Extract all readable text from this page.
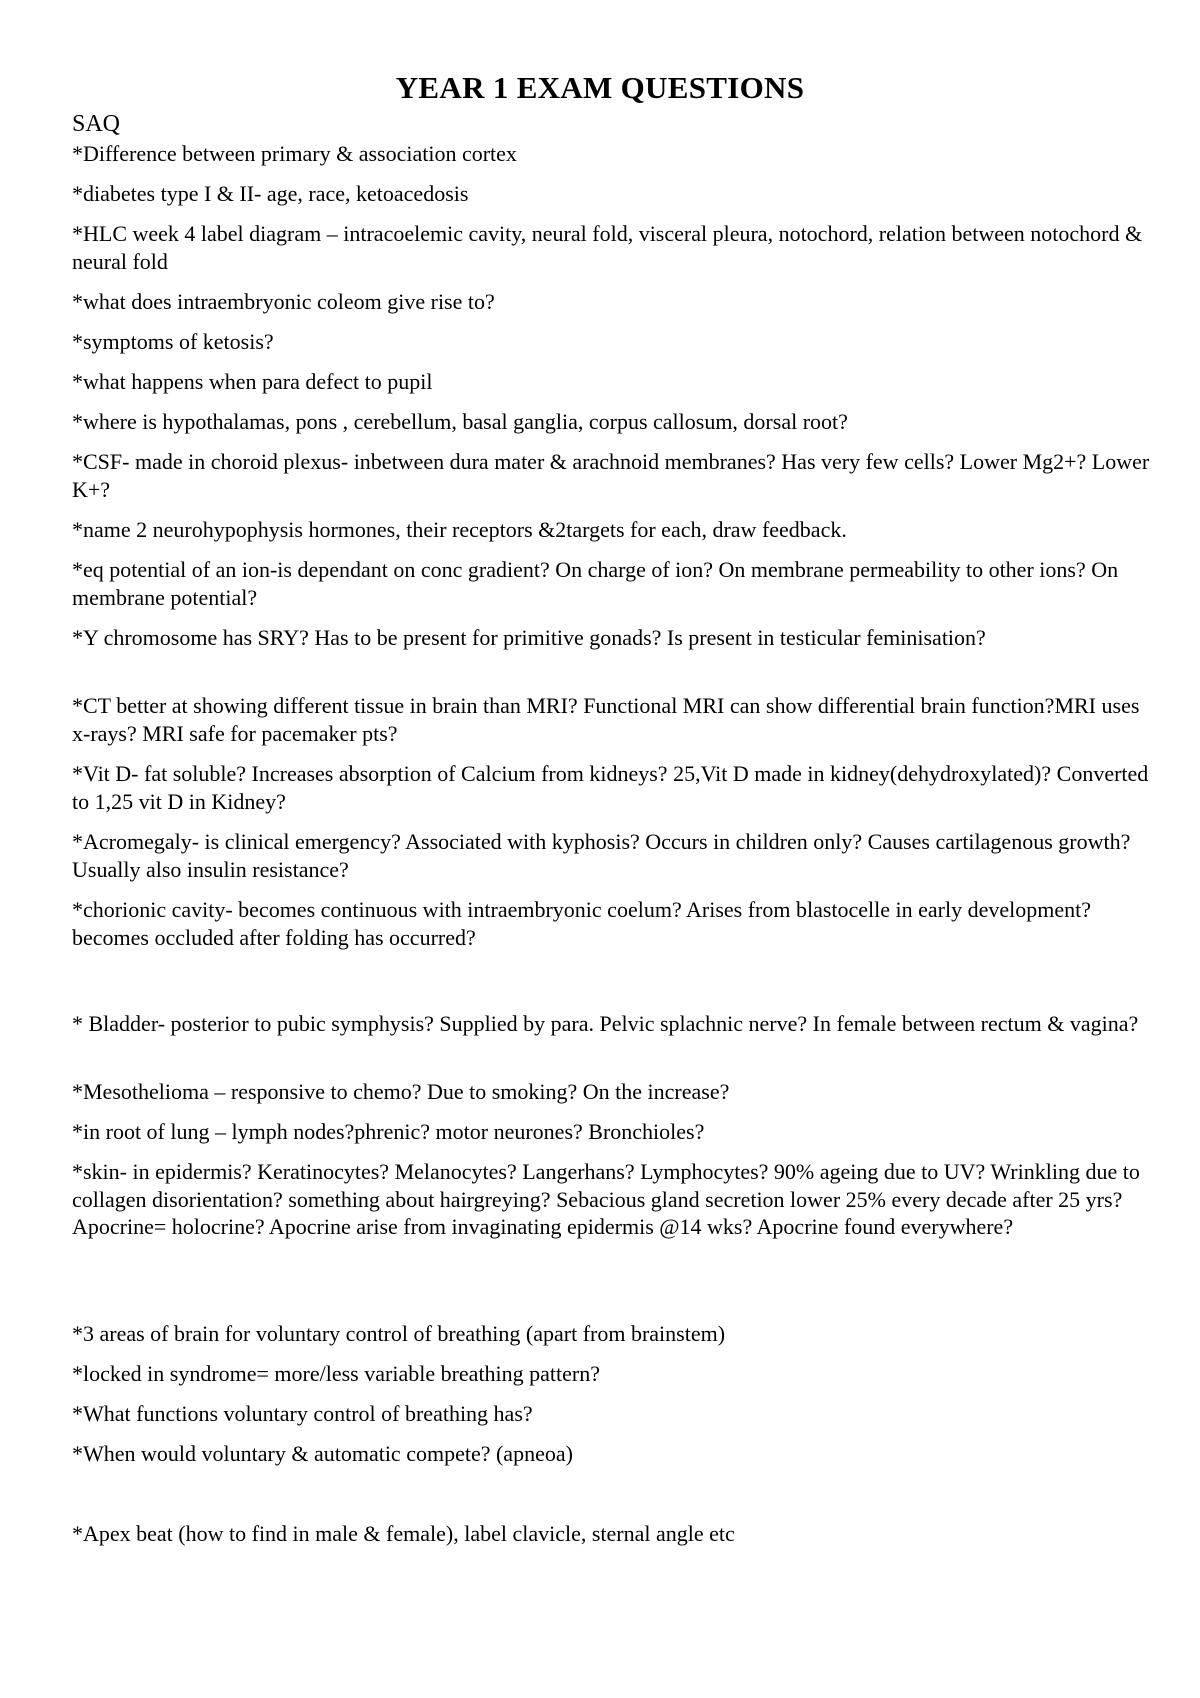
YEAR 1 EXAM QUESTIONS
SAQ
*Difference between primary & association cortex
*diabetes type I & II- age, race, ketoacedosis
*HLC week 4 label diagram – intracoelemic cavity, neural fold, visceral pleura, notochord, relation between notochord & neural fold
*what does intraembryonic coleom give rise to?
*symptoms of ketosis?
*what happens when para defect to pupil
*where is hypothalamas, pons , cerebellum, basal ganglia, corpus callosum, dorsal root?
*CSF- made in choroid plexus- inbetween dura mater & arachnoid membranes? Has very few cells? Lower Mg2+? Lower K+?
*name 2 neurohypophysis hormones, their receptors &2targets for each, draw feedback.
*eq potential of an ion-is dependant on conc gradient? On charge of ion? On membrane permeability to other ions? On membrane potential?
*Y chromosome has SRY? Has to be present for primitive gonads? Is present in testicular feminisation?
*CT better at showing different tissue in brain than MRI? Functional MRI can show differential brain function?MRI uses x-rays? MRI safe for pacemaker pts?
*Vit D- fat soluble? Increases absorption of Calcium from kidneys? 25,Vit D made in kidney(dehydroxylated)? Converted to 1,25 vit D in Kidney?
*Acromegaly- is clinical emergency? Associated with kyphosis? Occurs in children only? Causes cartilagenous growth? Usually also insulin resistance?
*chorionic cavity- becomes continuous with intraembryonic coelum? Arises from blastocelle in early development?becomes occluded after folding has occurred?
* Bladder- posterior to pubic symphysis? Supplied by para. Pelvic splachnic nerve? In female between rectum & vagina?
*Mesothelioma – responsive to chemo? Due to smoking? On the increase?
*in root of lung – lymph nodes?phrenic? motor neurones? Bronchioles?
*skin- in epidermis? Keratinocytes? Melanocytes? Langerhans? Lymphocytes? 90% ageing due to UV? Wrinkling due to collagen disorientation? something about hairgreying? Sebacious gland secretion lower 25% every decade after 25 yrs? Apocrine= holocrine? Apocrine arise from invaginating epidermis @14 wks? Apocrine found everywhere?
*3 areas of brain for voluntary control of breathing (apart from brainstem)
*locked in syndrome= more/less variable breathing pattern?
*What functions voluntary control of breathing has?
*When would voluntary & automatic compete? (apneoa)
*Apex beat (how to find in male & female), label clavicle, sternal angle etc
